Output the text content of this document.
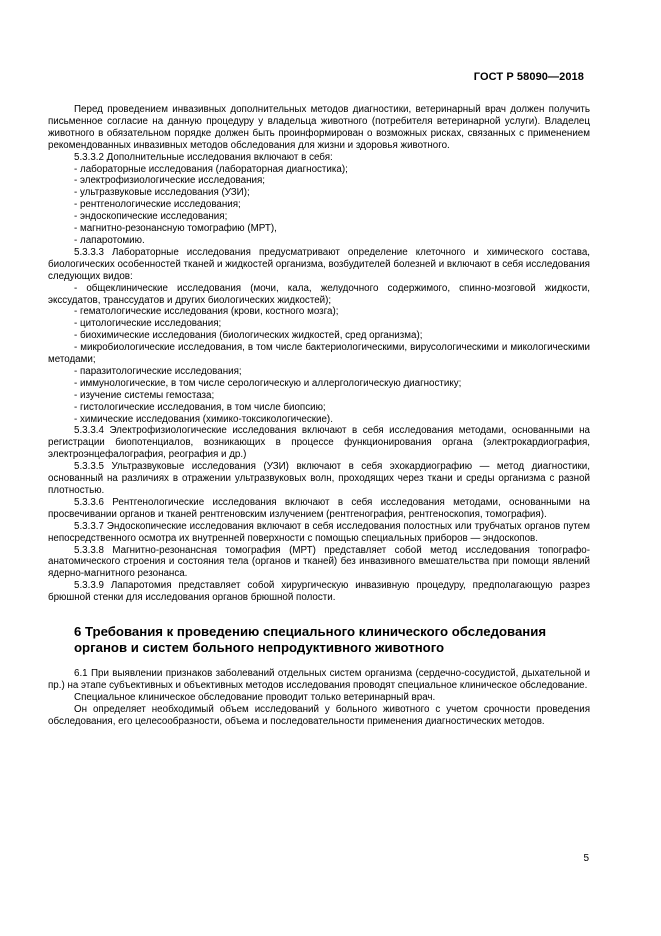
ГОСТ Р 58090—2018

Перед проведением инвазивных дополнительных методов диагностики, ветеринарный врач должен получить письменное согласие на данную процедуру у владельца животного (потребителя ветеринарной услуги). Владелец животного в обязательном порядке должен быть проинформирован о возможных рисках, связанных с применением рекомендованных инвазивных методов обследования для жизни и здоровья животного.

5.3.3.2 Дополнительные исследования включают в себя:

- лабораторные исследования (лабораторная диагностика);

- электрофизиологические исследования;

- ультразвуковые исследования (УЗИ);

- рентгенологические исследования;

- эндоскопические исследования;

- магнитно-резонансную томографию (МРТ),

- лапаротомию.

5.3.3.3 Лабораторные исследования предусматривают определение клеточного и химического состава, биологических особенностей тканей и жидкостей организма, возбудителей болезней и включают в себя исследования следующих видов:

- общеклинические исследования (мочи, кала, желудочного содержимого, спинно-мозговой жидкости, экссудатов, транссудатов и других биологических жидкостей);

- гематологические исследования (крови, костного мозга);

- цитологические исследования;

- биохимические исследования (биологических жидкостей, сред организма);

- микробиологические исследования, в том числе бактериологическими, вирусологическими и микологическими методами;

- паразитологические исследования;

- иммунологические, в том числе серологическую и аллергологическую диагностику;

- изучение системы гемостаза;

- гистологические исследования, в том числе биопсию;

- химические исследования (химико-токсикологические).

5.3.3.4 Электрофизиологические исследования включают в себя исследования методами, основанными на регистрации биопотенциалов, возникающих в процессе функционирования органа (электрокардиография, электроэнцефалография, реография и др.)

5.3.3.5 Ультразвуковые исследования (УЗИ) включают в себя эхокардиографию — метод диагностики, основанный на различиях в отражении ультразвуковых волн, проходящих через ткани и среды организма с разной плотностью.

5.3.3.6 Рентгенологические исследования включают в себя исследования методами, основанными на просвечивании органов и тканей рентгеновским излучением (рентгенография, рентгеноскопия, томография).

5.3.3.7 Эндоскопические исследования включают в себя исследования полостных или трубчатых органов путем непосредственного осмотра их внутренней поверхности с помощью специальных приборов — эндоскопов.

5.3.3.8 Магнитно-резонансная томография (МРТ) представляет собой метод исследования топографо-анатомического строения и состояния тела (органов и тканей) без инвазивного вмешательства при помощи явлений ядерно-магнитного резонанса.

5.3.3.9 Лапаротомия представляет собой хирургическую инвазивную процедуру, предполагающую разрез брюшной стенки для исследования органов брюшной полости.

6 Требования к проведению специального клинического обследования органов и систем больного непродуктивного животного

6.1 При выявлении признаков заболеваний отдельных систем организма (сердечно-сосудистой, дыхательной и пр.) на этапе субъективных и объективных методов исследования проводят специальное клиническое обследование.

Специальное клиническое обследование проводит только ветеринарный врач.

Он определяет необходимый объем исследований у больного животного с учетом срочности проведения обследования, его целесообразности, объема и последовательности применения диагностических методов.

5
